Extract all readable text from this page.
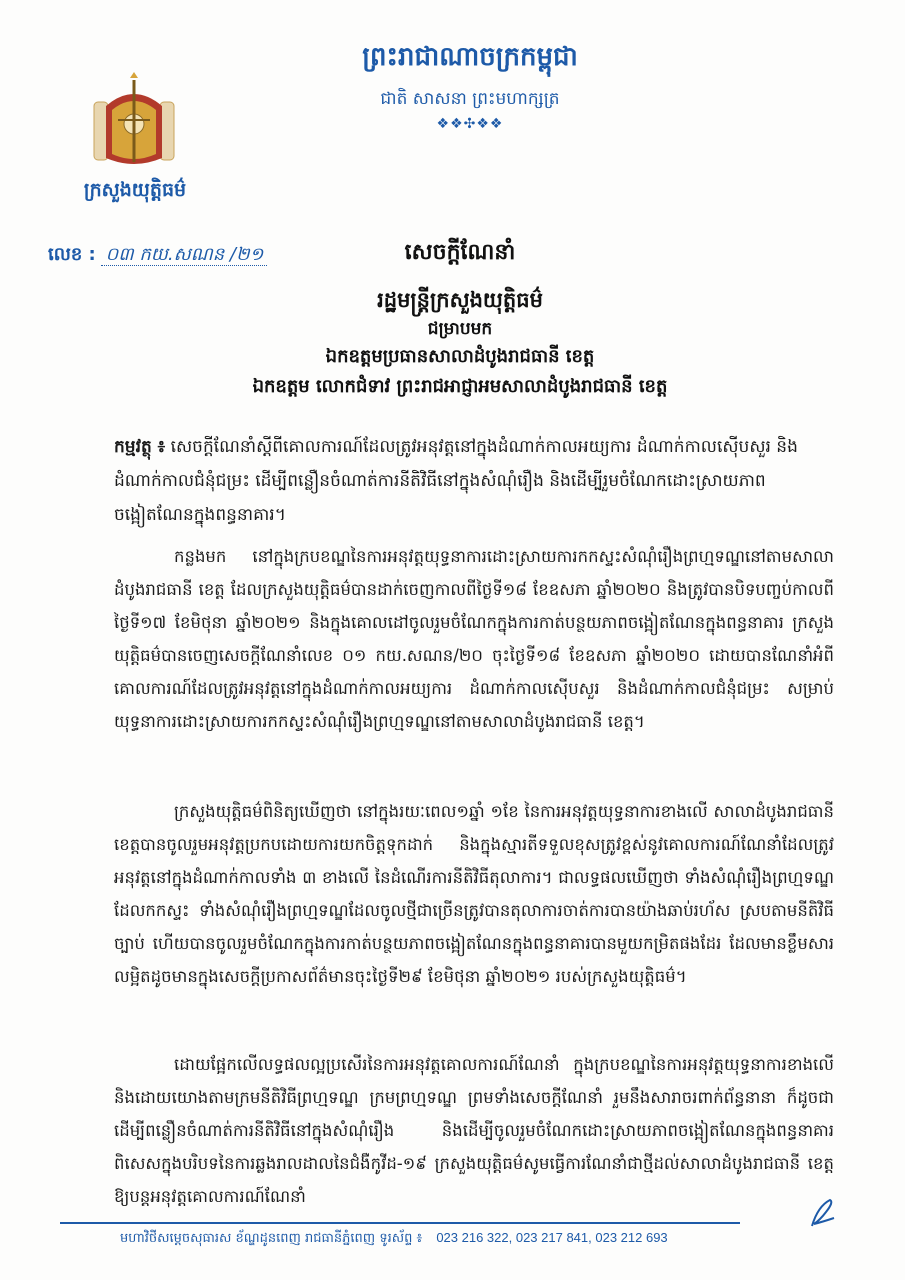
ព្រះរាជាណាចក្រកម្ពុជា
ជាតិ សាសនា ព្រះមហាក្សត្រ
❖❖✣❖❖
ក្រសួងយុត្តិធម៌
លេខ : ០៣ កយ.សណន /២១	សេចក្តីណែនាំ
រដ្ឋមន្ត្រីក្រសួងយុត្តិធម៌
ជម្រាបមក
ឯកឧត្តមប្រធានសាលាដំបូងរាជធានី ខេត្ត
ឯកឧត្តម លោកជំទាវ ព្រះរាជអាជ្ញាអមសាលាដំបូងរាជធានី ខេត្ត
កម្មវត្ថុ ៖ សេចក្តីណែនាំស្តីពីគោលការណ៍ដែលត្រូវអនុវត្តនៅក្នុងដំណាក់កាលអយ្យការ ដំណាក់កាលស៊ើបសួរ និងដំណាក់កាលជំនុំជម្រះ ដើម្បីពន្លឿនចំណាត់ការនីតិវិធីនៅក្នុងសំណុំរឿង និងដើម្បីរួមចំណែកដោះស្រាយភាពចង្អៀតណែនក្នុងពន្ធនាគារ។
កន្លងមក នៅក្នុងក្របខណ្ឌនៃការអនុវត្តយុទ្ធនាការដោះស្រាយការកកស្ទះសំណុំរឿងព្រហ្មទណ្ឌនៅតាមសាលាដំបូងរាជធានី ខេត្ត ដែលក្រសួងយុត្តិធម៌បានដាក់ចេញកាលពីថ្ងៃទី១៨ ខែឧសភា ឆ្នាំ២០២០ និងត្រូវបានបិទបញ្ចប់កាលពីថ្ងៃទី១៧ ខែមិថុនា ឆ្នាំ២០២១ និងក្នុងគោលដៅចូលរួមចំណែកក្នុងការកាត់បន្ថយភាពចង្អៀតណែនក្នុងពន្ធនាគារ ក្រសួងយុត្តិធម៌បានចេញសេចក្តីណែនាំលេខ ០១ កយ.សណន/២០ ចុះថ្ងៃទី១៨ ខែឧសភា ឆ្នាំ២០២០ ដោយបានណែនាំអំពីគោលការណ៍ដែលត្រូវអនុវត្តនៅក្នុងដំណាក់កាលអយ្យការ ដំណាក់កាលស៊ើបសួរ និងដំណាក់កាលជំនុំជម្រះ សម្រាប់យុទ្ធនាការដោះស្រាយការកកស្ទះសំណុំរឿងព្រហ្មទណ្ឌនៅតាមសាលាដំបូងរាជធានី ខេត្ត។
ក្រសួងយុត្តិធម៌ពិនិត្យឃើញថា នៅក្នុងរយៈពេល១ឆ្នាំ ១ខែ នៃការអនុវត្តយុទ្ធនាការខាងលើ សាលាដំបូងរាជធានី ខេត្តបានចូលរួមអនុវត្តប្រកបដោយការយកចិត្តទុកដាក់ និងក្នុងស្មារតីទទួលខុសត្រូវខ្ពស់នូវគោលការណ៍ណែនាំដែលត្រូវអនុវត្តនៅក្នុងដំណាក់កាលទាំង ៣ ខាងលើ នៃដំណើរការនីតិវិធីតុលាការ។ ជាលទ្ធផលឃើញថា ទាំងសំណុំរឿងព្រហ្មទណ្ឌដែលកកស្ទះ ទាំងសំណុំរឿងព្រហ្មទណ្ឌដែលចូលថ្មីជាច្រើនត្រូវបានតុលាការចាត់ការបានយ៉ាងឆាប់រហ័ស ស្របតាមនីតិវិធីច្បាប់ ហើយបានចូលរួមចំណែកក្នុងការកាត់បន្ថយភាពចង្អៀតណែនក្នុងពន្ធនាគារបានមួយកម្រិតផងដែរ ដែលមានខ្លឹមសារលម្អិតដូចមានក្នុងសេចក្តីប្រកាសព័ត៌មានចុះថ្ងៃទី២៩ ខែមិថុនា ឆ្នាំ២០២១ របស់ក្រសួងយុត្តិធម៌។
ដោយផ្អែកលើលទ្ធផលល្អប្រសើរនៃការអនុវត្តគោលការណ៍ណែនាំ ក្នុងក្របខណ្ឌនៃការអនុវត្តយុទ្ធនាការខាងលើ និងដោយយោងតាមក្រមនីតិវិធីព្រហ្មទណ្ឌ ក្រមព្រហ្មទណ្ឌ ព្រមទាំងសេចក្តីណែនាំ រួមនឹងសារាចរពាក់ព័ន្ធនានា ក៏ដូចជាដើម្បីពន្លឿនចំណាត់ការនីតិវិធីនៅក្នុងសំណុំរឿង និងដើម្បីចូលរួមចំណែកដោះស្រាយភាពចង្អៀតណែនក្នុងពន្ធនាគារ ពិសេសក្នុងបរិបទនៃការឆ្លងរាលដាលនៃជំងឺកូវីដ-១៩ ក្រសួងយុត្តិធម៌សូមធ្វើការណែនាំជាថ្មីដល់សាលាដំបូងរាជធានី ខេត្ត ឱ្យបន្តអនុវត្តគោលការណ៍ណែនាំ
មហាវិថីសម្តេចសុធារស ខ័ណ្ឌដូនពេញ រាជធានីភ្នំពេញ ទូរស័ព្ទ ៖ 023 216 322, 023 217 841, 023 212 693
